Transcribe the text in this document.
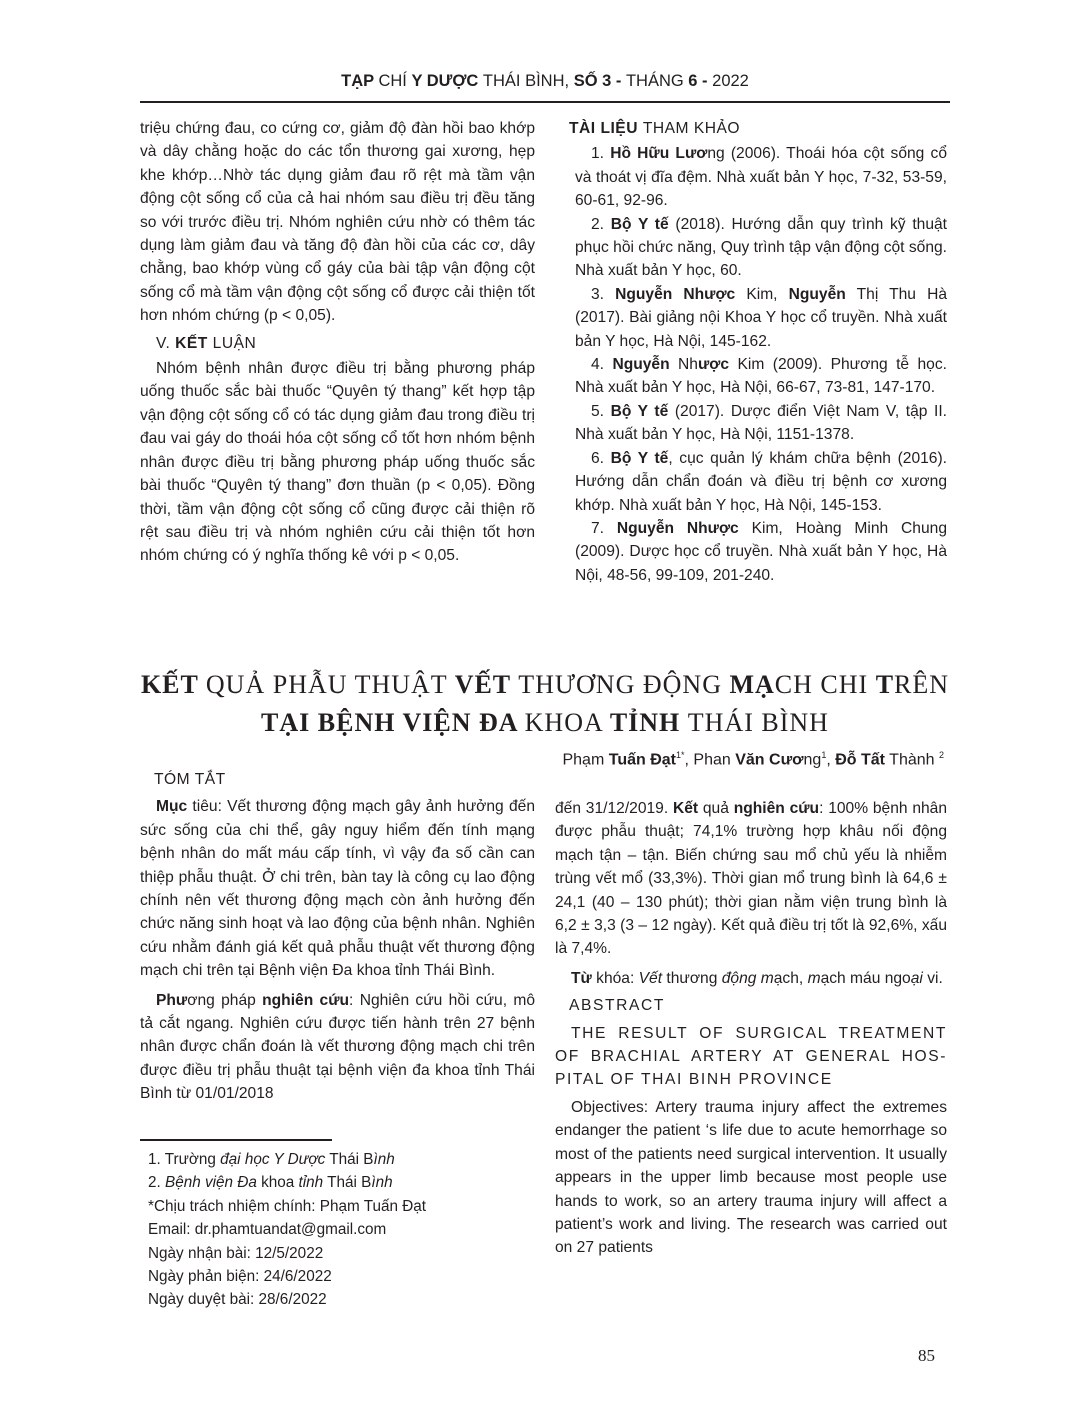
TẠP CHÍ Y DƯỢC THÁI BÌNH, SỐ 3 - THÁNG 6 - 2022

triệu chứng đau, co cứng cơ, giảm độ đàn hồi bao khớp và dây chằng hoặc do các tổn thương gai xương, hẹp khe khớp…Nhờ tác dụng giảm đau rõ rệt mà tầm vận động cột sống cổ của cả hai nhóm sau điều trị đều tăng so với trước điều trị. Nhóm nghiên cứu nhờ có thêm tác dụng làm giảm đau và tăng độ đàn hồi của các cơ, dây chằng, bao khớp vùng cổ gáy của bài tập vận động cột sống cổ mà tầm vận động cột sống cổ được cải thiện tốt hơn nhóm chứng (p < 0,05).

V. KẾT LUẬN

Nhóm bệnh nhân được điều trị bằng phương pháp uống thuốc sắc bài thuốc “Quyên tý thang” kết hợp tập vận động cột sống cổ có tác dụng giảm đau trong điều trị đau vai gáy do thoái hóa cột sống cổ tốt hơn nhóm bệnh nhân được điều trị bằng phương pháp uống thuốc sắc bài thuốc “Quyên tý thang” đơn thuần (p < 0,05). Đồng thời, tầm vận động cột sống cổ cũng được cải thiện rõ rệt sau điều trị và nhóm nghiên cứu cải thiện tốt hơn nhóm chứng có ý nghĩa thống kê với p < 0,05.

TÀI LIỆU THAM KHẢO

1. Hồ Hữu Lương (2006). Thoái hóa cột sống cổ và thoát vị đĩa đệm. Nhà xuất bản Y học, 7-32, 53-59, 60-61, 92-96.

2. Bộ Y tế (2018). Hướng dẫn quy trình kỹ thuật phục hồi chức năng, Quy trình tập vận động cột sống. Nhà xuất bản Y học, 60.

3. Nguyễn Nhược Kim, Nguyễn Thị Thu Hà (2017). Bài giảng nội Khoa Y học cổ truyền. Nhà xuất bản Y học, Hà Nội, 145-162.

4. Nguyễn Nhược Kim (2009). Phương tễ học. Nhà xuất bản Y học, Hà Nội, 66-67, 73-81, 147-170.

5. Bộ Y tế (2017). Dược điển Việt Nam V, tập II. Nhà xuất bản Y học, Hà Nội, 1151-1378.

6. Bộ Y tế, cục quản lý khám chữa bệnh (2016). Hướng dẫn chẩn đoán và điều trị bệnh cơ xương khớp. Nhà xuất bản Y học, Hà Nội, 145-153.

7. Nguyễn Nhược Kim, Hoàng Minh Chung (2009). Dược học cổ truyền. Nhà xuất bản Y học, Hà Nội, 48-56, 99-109, 201-240.

KẾT QUẢ PHẪU THUẬT VẾT THƯƠNG ĐỘNG MẠCH CHI TRÊN
TẠI BỆNH VIỆN ĐA KHOA TỈNH THÁI BÌNH
Phạm Tuấn Đạt$^{1*}$, Phan Văn Cương$^1$, Đỗ Tất Thành $^2$
TÓM TẮT

Mục tiêu: Vết thương động mạch gây ảnh hưởng đến sức sống của chi thể, gây nguy hiểm đến tính mạng bệnh nhân do mất máu cấp tính, vì vậy đa số cần can thiệp phẫu thuật. Ở chi trên, bàn tay là công cụ lao động chính nên vết thương động mạch còn ảnh hưởng đến chức năng sinh hoạt và lao động của bệnh nhân. Nghiên cứu nhằm đánh giá kết quả phẫu thuật vết thương động mạch chi trên tại Bệnh viện Đa khoa tỉnh Thái Bình.

Phương pháp nghiên cứu: Nghiên cứu hồi cứu, mô tả cắt ngang. Nghiên cứu được tiến hành trên 27 bệnh nhân được chẩn đoán là vết thương động mạch chi trên được điều trị phẫu thuật tại bệnh viện đa khoa tỉnh Thái Bình từ 01/01/2018

1. Trường đại học Y Dược Thái Bình
2. Bệnh viện Đa khoa tỉnh Thái Bình
*Chịu trách nhiệm chính: Phạm Tuấn Đạt
Email: dr.phamtuandat@gmail.com
Ngày nhận bài: 12/5/2022
Ngày phản biện: 24/6/2022
Ngày duyệt bài: 28/6/2022

đến 31/12/2019. Kết quả nghiên cứu: 100% bệnh nhân được phẫu thuật; 74,1% trường hợp khâu nối động mạch tận – tận. Biến chứng sau mổ chủ yếu là nhiễm trùng vết mổ (33,3%). Thời gian mổ trung bình là 64,6 ± 24,1 (40 – 130 phút); thời gian nằm viện trung bình là 6,2 ± 3,3 (3 – 12 ngày). Kết quả điều trị tốt là 92,6%, xấu là 7,4%.

Từ khóa: Vết thương động mạch, mạch máu ngoại vi.

ABSTRACT

THE RESULT OF SURGICAL TREATMENT OF BRACHIAL ARTERY AT GENERAL HOS-PITAL OF THAI BINH PROVINCE

Objectives: Artery trauma injury affect the extremes endanger the patient ‘s life due to acute hemorrhage so most of the patients need surgical intervention. It usually appears in the upper limb because most people use hands to work, so an artery trauma injury will affect a patient’s work and living. The research was carried out on 27 patients

85
